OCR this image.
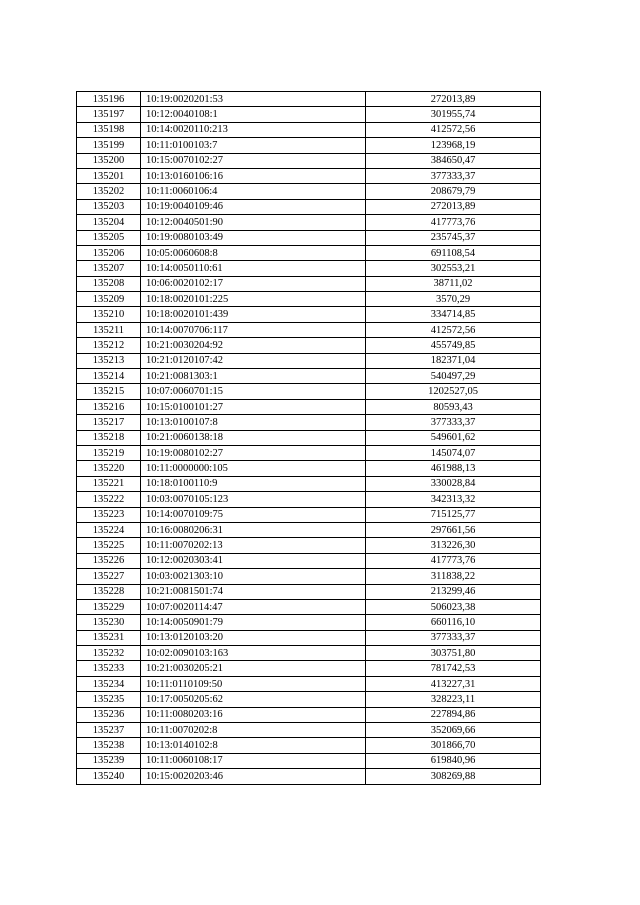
135196	10:19:0020201:53	272013,89
135197	10:12:0040108:1	301955,74
135198	10:14:0020110:213	412572,56
135199	10:11:0100103:7	123968,19
135200	10:15:0070102:27	384650,47
135201	10:13:0160106:16	377333,37
135202	10:11:0060106:4	208679,79
135203	10:19:0040109:46	272013,89
135204	10:12:0040501:90	417773,76
135205	10:19:0080103:49	235745,37
135206	10:05:0060608:8	691108,54
135207	10:14:0050110:61	302553,21
135208	10:06:0020102:17	38711,02
135209	10:18:0020101:225	3570,29
135210	10:18:0020101:439	334714,85
135211	10:14:0070706:117	412572,56
135212	10:21:0030204:92	455749,85
135213	10:21:0120107:42	182371,04
135214	10:21:0081303:1	540497,29
135215	10:07:0060701:15	1202527,05
135216	10:15:0100101:27	80593,43
135217	10:13:0100107:8	377333,37
135218	10:21:0060138:18	549601,62
135219	10:19:0080102:27	145074,07
135220	10:11:0000000:105	461988,13
135221	10:18:0100110:9	330028,84
135222	10:03:0070105:123	342313,32
135223	10:14:0070109:75	715125,77
135224	10:16:0080206:31	297661,56
135225	10:11:0070202:13	313226,30
135226	10:12:0020303:41	417773,76
135227	10:03:0021303:10	311838,22
135228	10:21:0081501:74	213299,46
135229	10:07:0020114:47	506023,38
135230	10:14:0050901:79	660116,10
135231	10:13:0120103:20	377333,37
135232	10:02:0090103:163	303751,80
135233	10:21:0030205:21	781742,53
135234	10:11:0110109:50	413227,31
135235	10:17:0050205:62	328223,11
135236	10:11:0080203:16	227894,86
135237	10:11:0070202:8	352069,66
135238	10:13:0140102:8	301866,70
135239	10:11:0060108:17	619840,96
135240	10:15:0020203:46	308269,88
